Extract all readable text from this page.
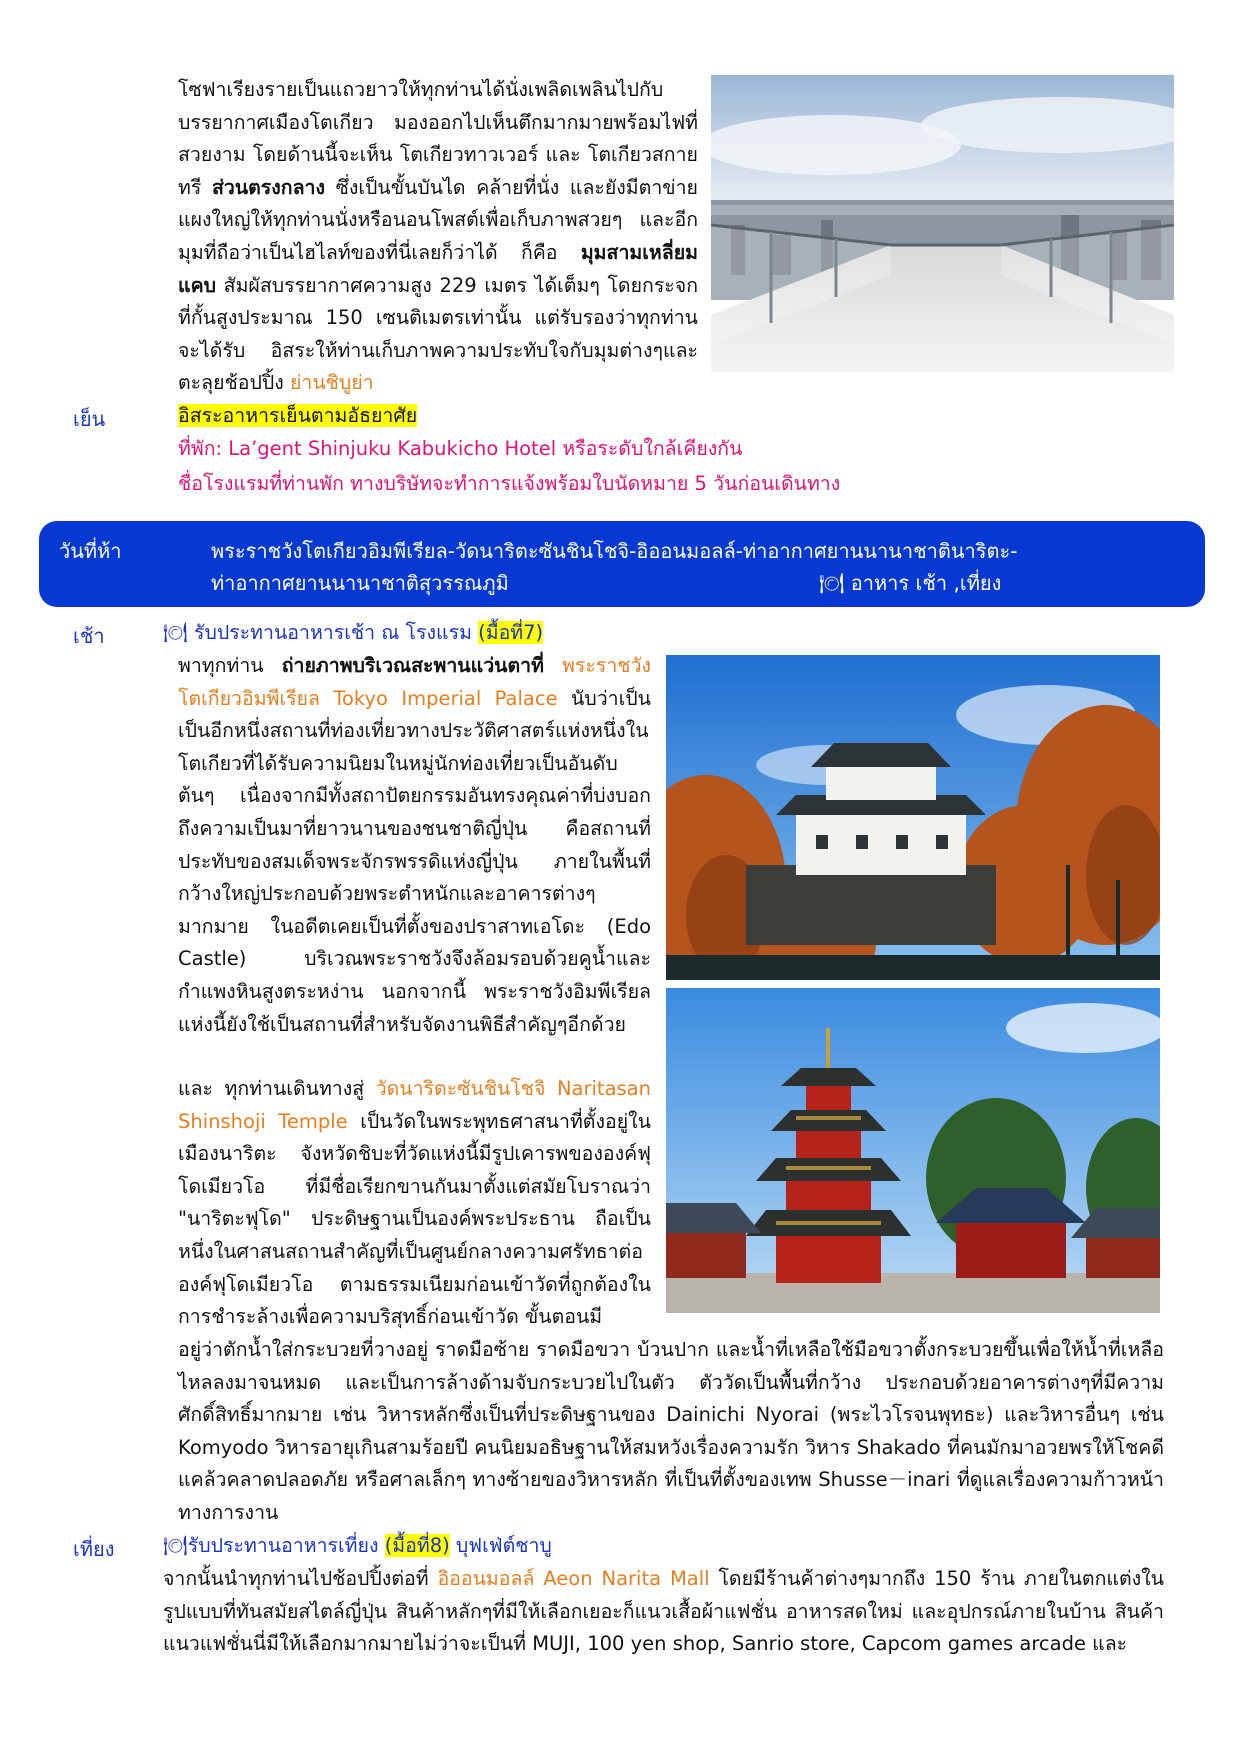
โซฟาเรียงรายเป็นแถวยาวให้ทุกท่านได้นั่งเพลิดเพลินไปกับบรรยากาศเมืองโตเกียว มองออกไปเห็นตึกมากมายพร้อมไฟที่สวยงาม โดยด้านนี้จะเห็น โตเกียวทาวเวอร์ และ โตเกียวสกายทรี ส่วนตรงกลาง ซึ่งเป็นขั้นบันได คล้ายที่นั่ง และยังมีตาข่ายแผงใหญ่ให้ทุกท่านนั่งหรือนอนโพสต์เพื่อเก็บภาพสวยๆ และอีกมุมที่ถือว่าเป็นไฮไลท์ของที่นี่เลยก็ว่าได้ ก็คือ มุมสามเหลี่ยมแคบ สัมผัสบรรยากาศความสูง 229 เมตร ได้เต็มๆ โดยกระจกที่กั้นสูงประมาณ 150 เซนติเมตรเท่านั้น แต่รับรองว่าทุกท่านจะได้รับ อิสระให้ท่านเก็บภาพความประทับใจกับมุมต่างๆและตะลุยช้อปปิ้ง ย่านชิบูย่า
เย็น	อิสระอาหารเย็นตามอัธยาศัย
ที่พัก: La’gent Shinjuku Kabukicho Hotel หรือระดับใกล้เคียงกัน
ชื่อโรงแรมที่ท่านพัก ทางบริษัทจะทำการแจ้งพร้อมใบนัดหมาย 5 วันก่อนเดินทาง
วันที่ห้า	พระราชวังโตเกียวอิมพีเรียล-วัดนาริตะซันชินโชจิ-อิออนมอลล์-ท่าอากาศยานนานาชาตินาริตะ-
ท่าอากาศยานนานาชาติสุวรรณภูมิ	🍽 อาหาร เช้า ,เที่ยง
เช้า	🍽 รับประทานอาหารเช้า ณ โรงแรม (มื้อที่7)
พาทุกท่าน ถ่ายภาพบริเวณสะพานแว่นตาที่ พระราชวังโตเกียวอิมพีเรียล Tokyo Imperial Palace นับว่าเป็นเป็นอีกหนึ่งสถานที่ท่องเที่ยวทางประวัติศาสตร์แห่งหนึ่งในโตเกียวที่ได้รับความนิยมในหมู่นักท่องเที่ยวเป็นอันดับต้นๆ เนื่องจากมีทั้งสถาปัตยกรรมอันทรงคุณค่าที่บ่งบอกถึงความเป็นมาที่ยาวนานของชนชาติญี่ปุ่น คือสถานที่ประทับของสมเด็จพระจักรพรรดิแห่งญี่ปุ่น ภายในพื้นที่กว้างใหญ่ประกอบด้วยพระตำหนักและอาคารต่างๆมากมาย ในอดีตเคยเป็นที่ตั้งของปราสาทเอโดะ (Edo Castle) บริเวณพระราชวังจึงล้อมรอบด้วยคูน้ำและกำแพงหินสูงตระหง่าน นอกจากนี้ พระราชวังอิมพีเรียลแห่งนี้ยังใช้เป็นสถานที่สำหรับจัดงานพิธีสำคัญๆอีกด้วย
และ ทุกท่านเดินทางสู่ วัดนาริตะซันชินโชจิ Naritasan Shinshoji Temple เป็นวัดในพระพุทธศาสนาที่ตั้งอยู่ในเมืองนาริตะ จังหวัดชิบะที่วัดแห่งนี้มีรูปเคารพขององค์ฟุโดเมียวโอ ที่มีชื่อเรียกขานกันมาตั้งแต่สมัยโบราณว่า "นาริตะฟุโด" ประดิษฐานเป็นองค์พระประธาน ถือเป็นหนึ่งในศาสนสถานสำคัญที่เป็นศูนย์กลางความศรัทธาต่อองค์ฟุโดเมียวโอ ตามธรรมเนียมก่อนเข้าวัดที่ถูกต้องในการชำระล้างเพื่อความบริสุทธิ์ก่อนเข้าวัด ขั้นตอนมี
อยู่ว่าตักน้ำใส่กระบวยที่วางอยู่ ราดมือซ้าย ราดมือขวา บ้วนปาก และน้ำที่เหลือใช้มือขวาตั้งกระบวยขึ้นเพื่อให้น้ำที่เหลือไหลลงมาจนหมด และเป็นการล้างด้ามจับกระบวยไปในตัว ตัววัดเป็นพื้นที่กว้าง ประกอบด้วยอาคารต่างๆที่มีความศักดิ์สิทธิ์มากมาย เช่น วิหารหลักซึ่งเป็นที่ประดิษฐานของ Dainichi Nyorai (พระไวโรจนพุทธะ) และวิหารอื่นๆ เช่น Komyodo วิหารอายุเกินสามร้อยปี คนนิยมอธิษฐานให้สมหวังเรื่องความรัก วิหาร Shakado ที่คนมักมาอวยพรให้โชคดีแคล้วคลาดปลอดภัย หรือศาลเล็กๆ ทางซ้ายของวิหารหลัก ที่เป็นที่ตั้งของเทพ Shusse－inari ที่ดูแลเรื่องความก้าวหน้าทางการงาน
เที่ยง 🍽รับประทานอาหารเที่ยง (มื้อที่8) บุฟเฟ่ต์ชาบู
จากนั้นนำทุกท่านไปช้อปปิ้งต่อที่ อิออนมอลล์ Aeon Narita Mall โดยมีร้านค้าต่างๆมากถึง 150 ร้าน ภายในตกแต่งในรูปแบบที่ทันสมัยสไตล์ญี่ปุ่น สินค้าหลักๆที่มีให้เลือกเยอะก็แนวเสื้อผ้าแฟชั่น อาหารสดใหม่ และอุปกรณ์ภายในบ้าน สินค้าแนวแฟชั่นนี่มีให้เลือกมากมายไม่ว่าจะเป็นที่ MUJI, 100 yen shop, Sanrio store, Capcom games arcade และ
